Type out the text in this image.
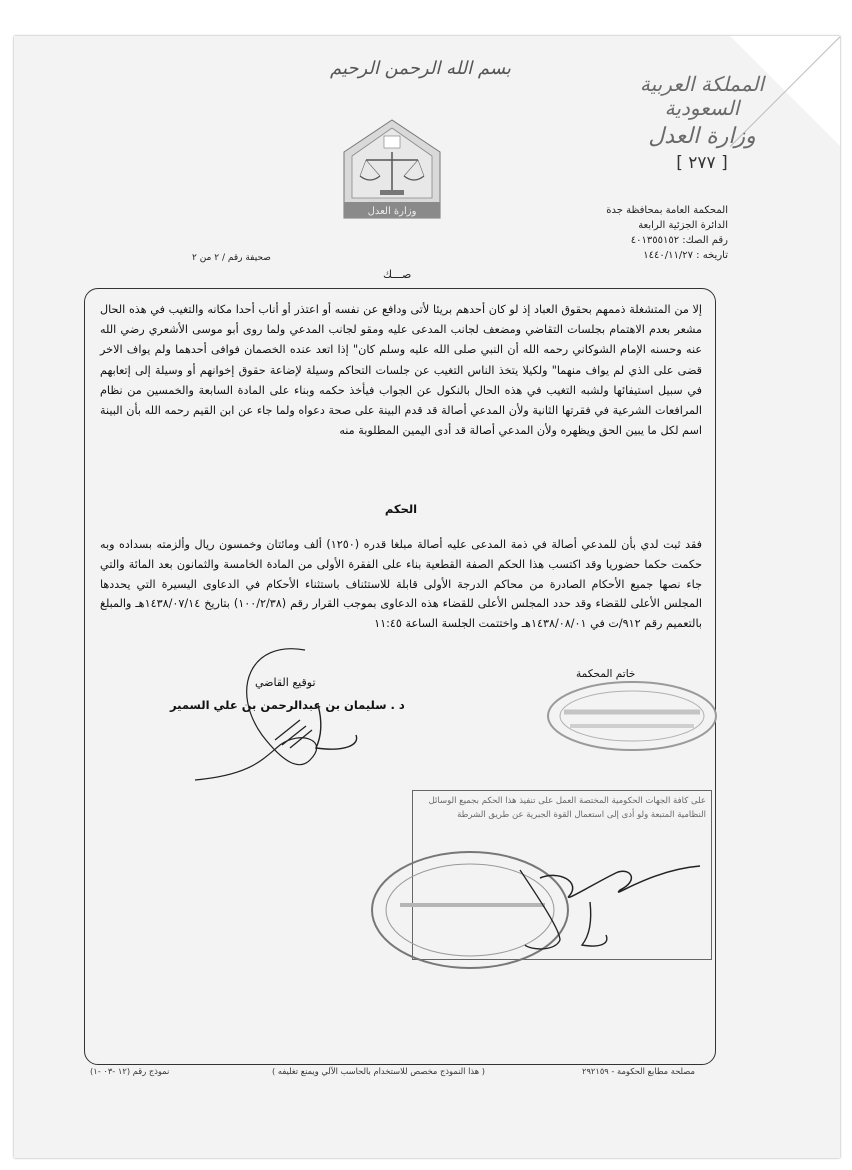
بسم الله الرحمن الرحيم
المملكة العربية السعودية
وزارة العدل
[ ٢٧٧ ]
وزارة العدل	المحكمة العامة بمحافظة جدة
الدائرة الجزئية الرابعة
رقم الصك: ٤٠١٣٥٥١٥٢
تاريخه : ١٤٤٠/١١/٢٧
صحيفة رقم / ٢ من ٢
صـــك
إلا من المتشغلة ذممهم بحقوق العباد إذ لو كان أحدهم بريئا لأتى ودافع عن نفسه أو اعتذر أو أناب أحدا مكانه والتغيب في هذه الحال مشعر بعدم الاهتمام بجلسات التقاضي ومضعف لجانب المدعى عليه ومقو لجانب المدعي ولما روى أبو موسى الأشعري رضي الله عنه وحسنه الإمام الشوكاني رحمه الله أن النبي صلى الله عليه وسلم كان" إذا اتعد عنده الخصمان فوافى أحدهما ولم يواف الاخر قضى على الذي لم يواف منهما" ولكيلا يتخذ الناس التغيب عن جلسات التحاكم وسيلة لإضاعة حقوق إخوانهم أو وسيلة إلى إتعابهم في سبيل استيفائها ولشبه التغيب في هذه الحال بالنكول عن الجواب فيأخذ حكمه وبناء على المادة السابعة والخمسين من نظام المرافعات الشرعية في فقرتها الثانية ولأن المدعي أصالة قد قدم البينة على صحة دعواه ولما جاء عن ابن القيم رحمه الله بأن البينة اسم لكل ما يبين الحق ويظهره ولأن المدعي أصالة قد أدى اليمين المطلوبة منه
الحكم
فقد ثبت لدي بأن للمدعي أصالة في ذمة المدعى عليه أصالة مبلغا قدره (١٢٥٠) ألف ومائتان وخمسون ريال وألزمته بسداده وبه حكمت حكما حضوريا وقد اكتسب هذا الحكم الصفة القطعية بناء على الفقرة الأولى من المادة الخامسة والثمانون بعد المائة والتي جاء نصها جميع الأحكام الصادرة من محاكم الدرجة الأولى قابلة للاستئناف باستثناء الأحكام في الدعاوى اليسيرة التي يحددها المجلس الأعلى للقضاء وقد حدد المجلس الأعلى للقضاء هذه الدعاوى بموجب القرار رقم (١٠٠/٢/٣٨) بتاريخ ١٤٣٨/٠٧/١٤هـ والمبلغ بالتعميم رقم ٩١٢/ت في ١٤٣٨/٠٨/٠١هـ واختتمت الجلسة الساعة ١١:٤٥
توقيع القاضي
د . سليمان بن عبدالرحمن بن علي السمير
خاتم المحكمة
على كافة الجهات الحكومية المختصة العمل على تنفيذ هذا الحكم بجميع الوسائل النظامية المتبعة ولو أدى إلى استعمال القوة الجبرية عن طريق الشرطة
مصلحة مطابع الحكومة - ٢٩٢١٥٩
( هذا النموذج مخصص للاستخدام بالحاسب الآلي ويمنع تغليفه )
نموذج رقم (١٢ -٠٣ -١)
